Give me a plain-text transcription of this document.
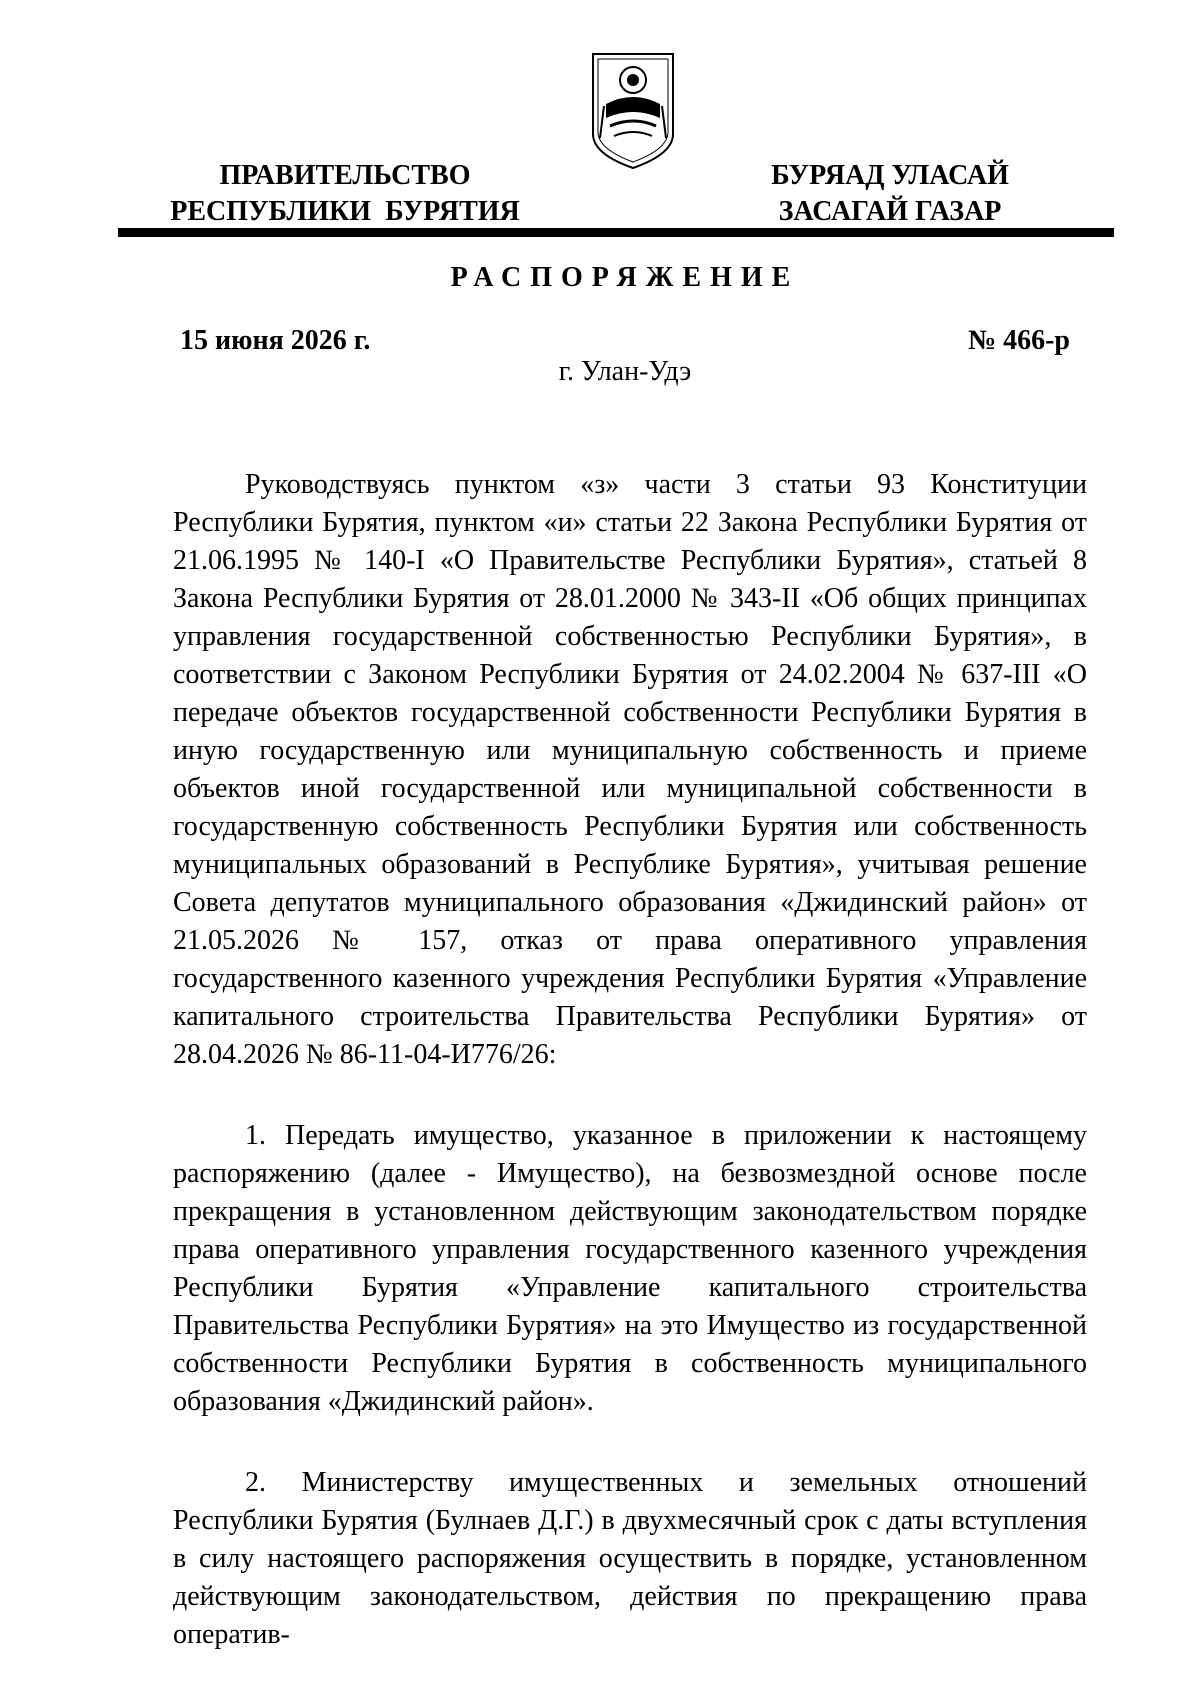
ПРАВИТЕЛЬСТВО
РЕСПУБЛИКИ  БУРЯТИЯ
БУРЯАД УЛАСАЙ
ЗАСАГАЙ ГАЗАР
РАСПОРЯЖЕНИЕ
15 июня 2026 г.	№ 466-р
г. Улан-Удэ

Руководствуясь пунктом «з» части 3 статьи 93 Конституции Республики Бурятия, пунктом «и» статьи 22 Закона Республики Бурятия от 21.06.1995 № 140-I «О Правительстве Республики Бурятия», статьей 8 Закона Республики Бурятия от 28.01.2000 № 343-II «Об общих принципах управления государственной собственностью Республики Бурятия», в соответствии с Законом Республики Бурятия от 24.02.2004 № 637-III «О передаче объектов государственной собственности Республики Бурятия в иную государственную или муниципальную собственность и приеме объектов иной государственной или муниципальной собственности в государственную собственность Республики Бурятия или собственность муниципальных образований в Республике Бурятия», учитывая решение Совета депутатов муниципального образования «Джидинский район» от 21.05.2026 № 157, отказ от права оперативного управления государственного казенного учреждения Республики Бурятия «Управление капитального строительства Правительства Республики Бурятия» от 28.04.2026 № 86-11-04-И776/26:

1. Передать имущество, указанное в приложении к настоящему распоряжению (далее - Имущество), на безвозмездной основе после прекращения в установленном действующим законодательством порядке права оперативного управления государственного казенного учреждения Республики Бурятия «Управление капитального строительства Правительства Республики Бурятия» на это Имущество из государственной собственности Республики Бурятия в собственность муниципального образования «Джидинский район».

2. Министерству имущественных и земельных отношений Республики Бурятия (Булнаев Д.Г.) в двухмесячный срок с даты вступления в силу настоящего распоряжения осуществить в порядке, установленном действующим законодательством, действия по прекращению права оператив-
